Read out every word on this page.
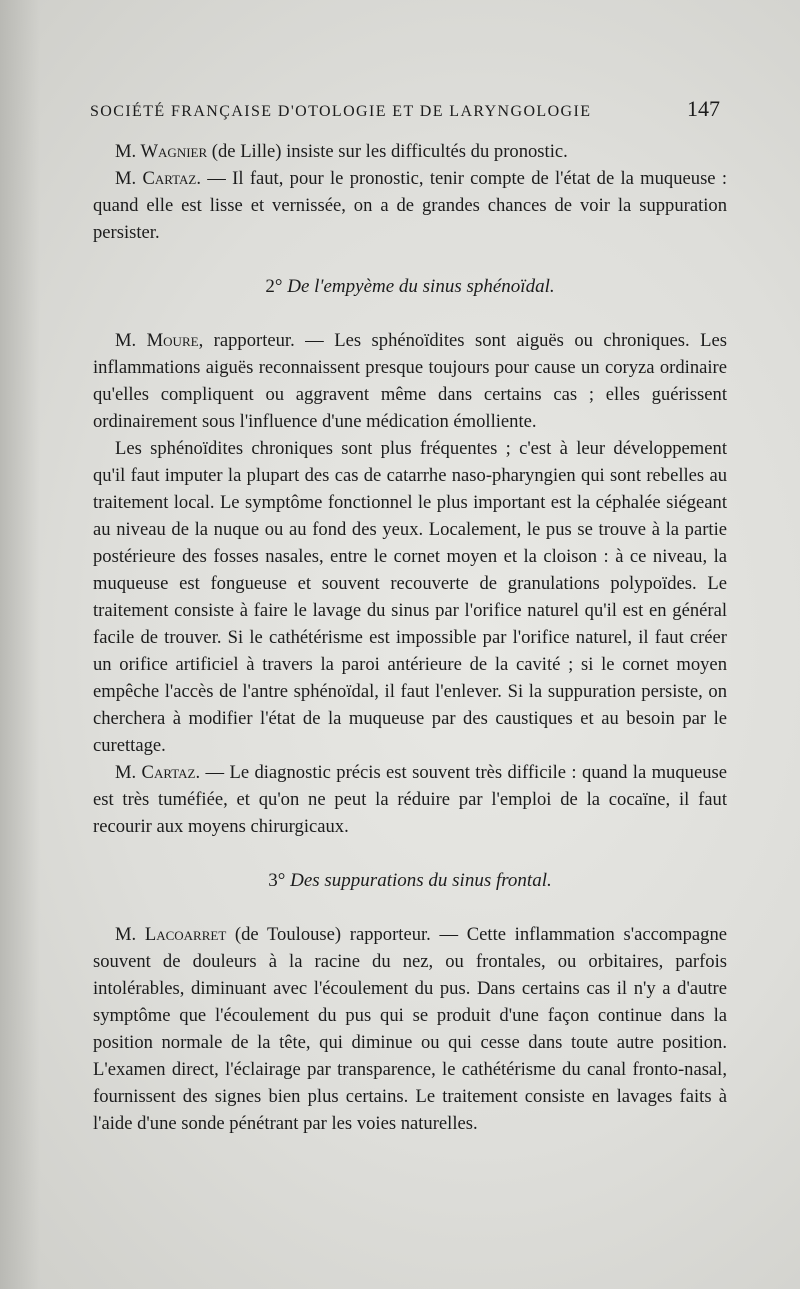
SOCIÉTÉ FRANÇAISE D'OTOLOGIE ET DE LARYNGOLOGIE	147

M. Wagnier (de Lille) insiste sur les difficultés du pronostic.

M. Cartaz. — Il faut, pour le pronostic, tenir compte de l'état de la muqueuse : quand elle est lisse et vernissée, on a de grandes chances de voir la suppuration persister.

2° De l'empyème du sinus sphénoïdal.

M. Moure, rapporteur. — Les sphénoïdites sont aiguës ou chroniques. Les inflammations aiguës reconnaissent presque toujours pour cause un coryza ordinaire qu'elles compliquent ou aggravent même dans certains cas ; elles guérissent ordinairement sous l'influence d'une médication émolliente.

Les sphénoïdites chroniques sont plus fréquentes ; c'est à leur développement qu'il faut imputer la plupart des cas de catarrhe naso-pharyngien qui sont rebelles au traitement local. Le symptôme fonctionnel le plus important est la céphalée siégeant au niveau de la nuque ou au fond des yeux. Localement, le pus se trouve à la partie postérieure des fosses nasales, entre le cornet moyen et la cloison : à ce niveau, la muqueuse est fongueuse et souvent recouverte de granulations polypoïdes. Le traitement consiste à faire le lavage du sinus par l'orifice naturel qu'il est en général facile de trouver. Si le cathétérisme est impossible par l'orifice naturel, il faut créer un orifice artificiel à travers la paroi antérieure de la cavité ; si le cornet moyen empêche l'accès de l'antre sphénoïdal, il faut l'enlever. Si la suppuration persiste, on cherchera à modifier l'état de la muqueuse par des caustiques et au besoin par le curettage.

M. Cartaz. — Le diagnostic précis est souvent très difficile : quand la muqueuse est très tuméfiée, et qu'on ne peut la réduire par l'emploi de la cocaïne, il faut recourir aux moyens chirurgicaux.

3° Des suppurations du sinus frontal.

M. Lacoarret (de Toulouse) rapporteur. — Cette inflammation s'accompagne souvent de douleurs à la racine du nez, ou frontales, ou orbitaires, parfois intolérables, diminuant avec l'écoulement du pus. Dans certains cas il n'y a d'autre symptôme que l'écoulement du pus qui se produit d'une façon continue dans la position normale de la tête, qui diminue ou qui cesse dans toute autre position. L'examen direct, l'éclairage par transparence, le cathétérisme du canal fronto-nasal, fournissent des signes bien plus certains. Le traitement consiste en lavages faits à l'aide d'une sonde pénétrant par les voies naturelles.
